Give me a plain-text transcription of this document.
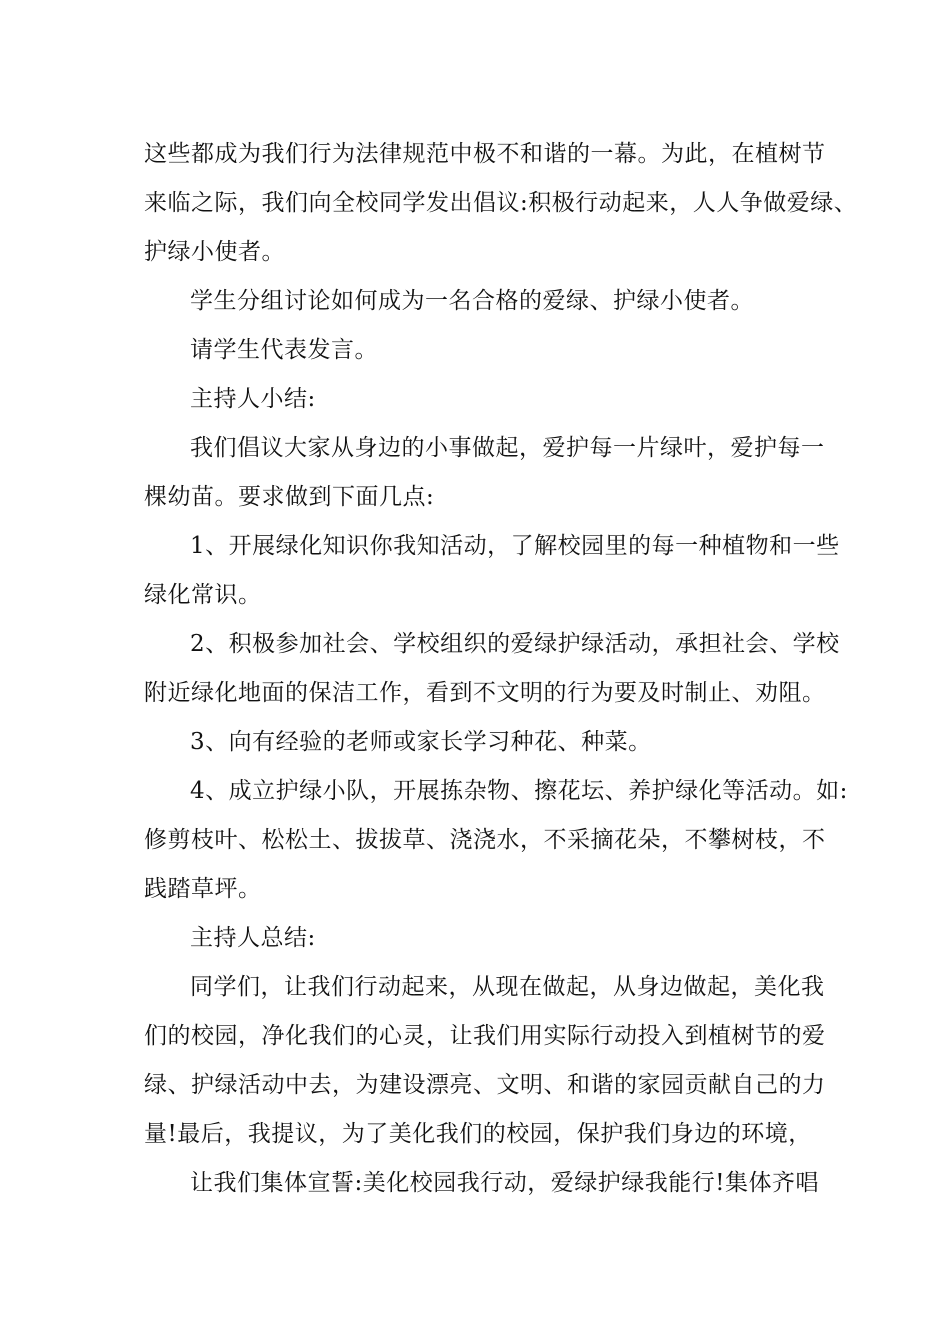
这些都成为我们行为法律规范中极不和谐的一幕。为此，在植树节
来临之际，我们向全校同学发出倡议:积极行动起来，人人争做爱绿、
护绿小使者。
学生分组讨论如何成为一名合格的爱绿、护绿小使者。
请学生代表发言。
主持人小结:
我们倡议大家从身边的小事做起，爱护每一片绿叶，爱护每一
棵幼苗。要求做到下面几点:
1、开展绿化知识你我知活动，了解校园里的每一种植物和一些
绿化常识。
2、积极参加社会、学校组织的爱绿护绿活动，承担社会、学校
附近绿化地面的保洁工作，看到不文明的行为要及时制止、劝阻。
3、向有经验的老师或家长学习种花、种菜。
4、成立护绿小队，开展拣杂物、擦花坛、养护绿化等活动。如:
修剪枝叶、松松土、拔拔草、浇浇水，不采摘花朵，不攀树枝，不
践踏草坪。
主持人总结:
同学们，让我们行动起来，从现在做起，从身边做起，美化我
们的校园，净化我们的心灵，让我们用实际行动投入到植树节的爱
绿、护绿活动中去，为建设漂亮、文明、和谐的家园贡献自己的力
量!最后，我提议，为了美化我们的校园，保护我们身边的环境，
让我们集体宣誓:美化校园我行动，爱绿护绿我能行!集体齐唱
